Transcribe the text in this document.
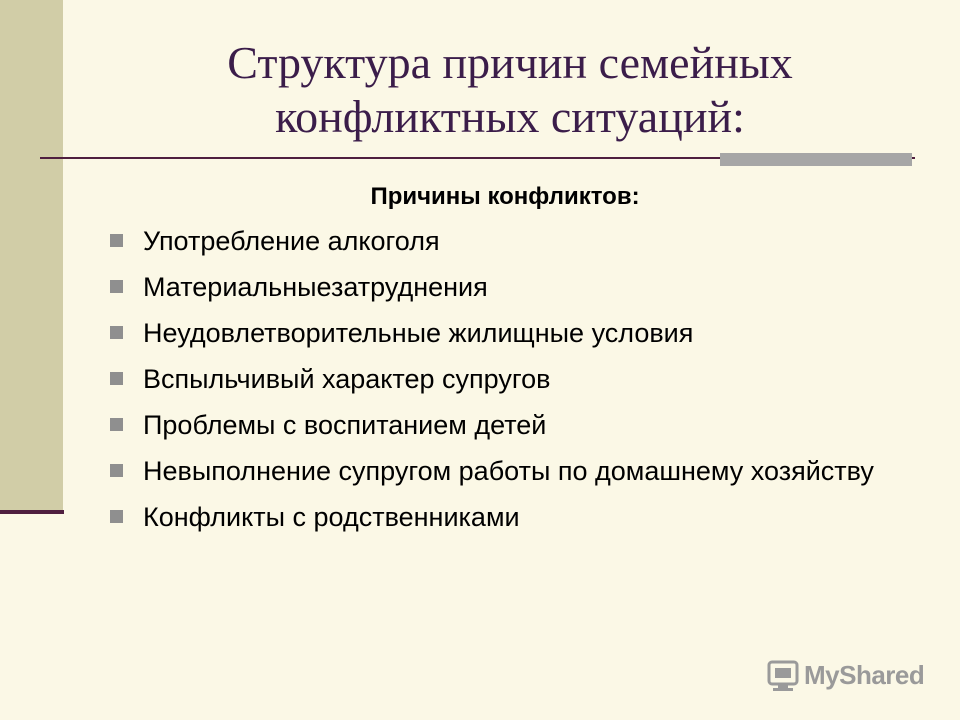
Структура причин семейных
конфликтных ситуаций:
Причины конфликтов:
Употребление алкоголя
Материальныезатруднения
Неудовлетворительные жилищные условия
Вспыльчивый характер супругов
Проблемы с воспитанием детей
Невыполнение супругом работы по домашнему хозяйству
Конфликты с родственниками
MyShared
